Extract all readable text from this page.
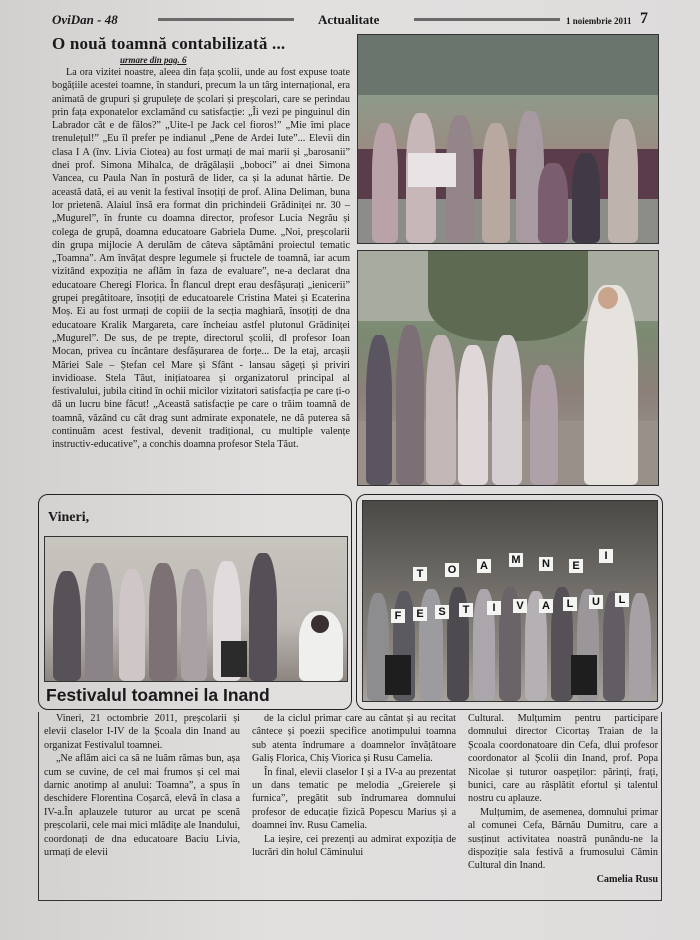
OviDan - 48	Actualitate	1 noiembrie 2011 7
O nouă toamnă contabilizată ...
urmare din pag. 6

La ora vizitei noastre, aleea din fața școlii, unde au fost expuse toate bogățiile acestei toamne, în standuri, precum la un târg internațional, era animată de grupuri și grupulețe de școlari și preșcolari, care se perindau prin fața exponatelor exclamând cu satisfacție: „Îi vezi pe pinguinul din Labrador cât e de fălos?” „Uite-l pe Jack cel fioros!” „Mie îmi place trenulețul!” „Eu îl prefer pe indianul „Pene de Ardei Iute”... Elevii din clasa I A (înv. Livia Ciotea) au fost urmați de mai marii și „barosanii” dnei prof. Simona Mihalca, de drăgălașii „boboci” ai dnei Simona Vancea, cu Paula Nan în postură de lider, ca și la adunat hârtie. De această dată, ei au venit la festival însoțiți de prof. Alina Deliman, buna lor prietenă. Alaiul însă era format din prichindeii Grădiniței nr. 30 – „Mugurel”, în frunte cu doamna director, profesor Lucia Negrău și colega de grupă, doamna educatoare Gabriela Dume. „Noi, preșcolarii din grupa mijlocie A derulăm de câteva săptămâni proiectul tematic „Toamna”. Am învățat despre legumele și fructele de toamnă, iar acum vizitând expoziția ne aflăm în faza de evaluare”, ne-a declarat dna educatoare Cheregi Florica. În flancul drept erau desfășurați „ienicerii” grupei pregătitoare, însoțiți de educatoarele Cristina Matei și Ecaterina Moș. Ei au fost urmați de copiii de la secția maghiară, însoțiți de dna educatoare Kralik Margareta, care încheiau astfel plutonul Grădiniței „Mugurel”. De sus, de pe trepte, directorul școlii, dl profesor Ioan Mocan, privea cu încântare desfășurarea de forțe... De la etaj, arcașii Măriei Sale – Ștefan cel Mare și Sfânt - lansau săgeți și priviri invidioase. Stela Tăut, inițiatoarea și organizatorul principal al festivalului, jubila citind în ochii micilor vizitatori satisfacția pe care ți-o dă un lucru bine făcut! „Această satisfacție pe care o trăim toamnă de toamnă, văzând cu cât drag sunt admirate exponatele, ne dă puterea să continuăm acest festival, devenit tradițional, cu multiple valențe instructiv-educative”, a conchis doamna profesor Stela Tăut.

Vineri,
Festivalul toamnei la Inand
T	O A M N	E
I
F	E	S	T	I	V	A	L	U	L

Vineri, 21 octombrie 2011, preșcolarii și elevii claselor I-IV de la Școala din Inand au organizat Festivalul toamnei.

„Ne aflăm aici ca să ne luăm rămas bun, așa cum se cuvine, de cel mai frumos și cel mai darnic anotimp al anului: Toamna”, a spus în deschidere Florentina Coșarcă, elevă în clasa a IV-a.În aplauzele tuturor au urcat pe scenă preșcolarii, cele mai mici mlădițe ale Inandului, coordonați de dna educatoare Baciu Livia, urmați de elevii

de la ciclul primar care au cântat și au recitat cântece și poezii specifice anotimpului toamna sub atenta îndrumare a doamnelor învățătoare Galiș Florica, Chiș Viorica și Rusu Camelia.

În final, elevii claselor I și a IV-a au prezentat un dans tematic pe melodia „Greierele și furnica”, pregătit sub îndrumarea domnului profesor de educație fizică Popescu Marius și a doamnei înv. Rusu Camelia.

La ieșire, cei prezenți au admirat expoziția de lucrări din holul Căminului

Cultural. Mulțumim pentru participare domnului director Cicortaș Traian de la Școala coordonatoare din Cefa, dlui profesor coordonator al Școlii din Inand, prof. Popa Nicolae și tuturor oaspeților: părinți, frați, bunici, care au răsplătit efortul și talentul nostru cu aplauze.

Mulțumim, de asemenea, domnului primar al comunei Cefa, Bărnău Dumitru, care a susținut activitatea noastră punându-ne la dispoziție sala festivă a frumosului Cămin Cultural din Inand.

Camelia Rusu
